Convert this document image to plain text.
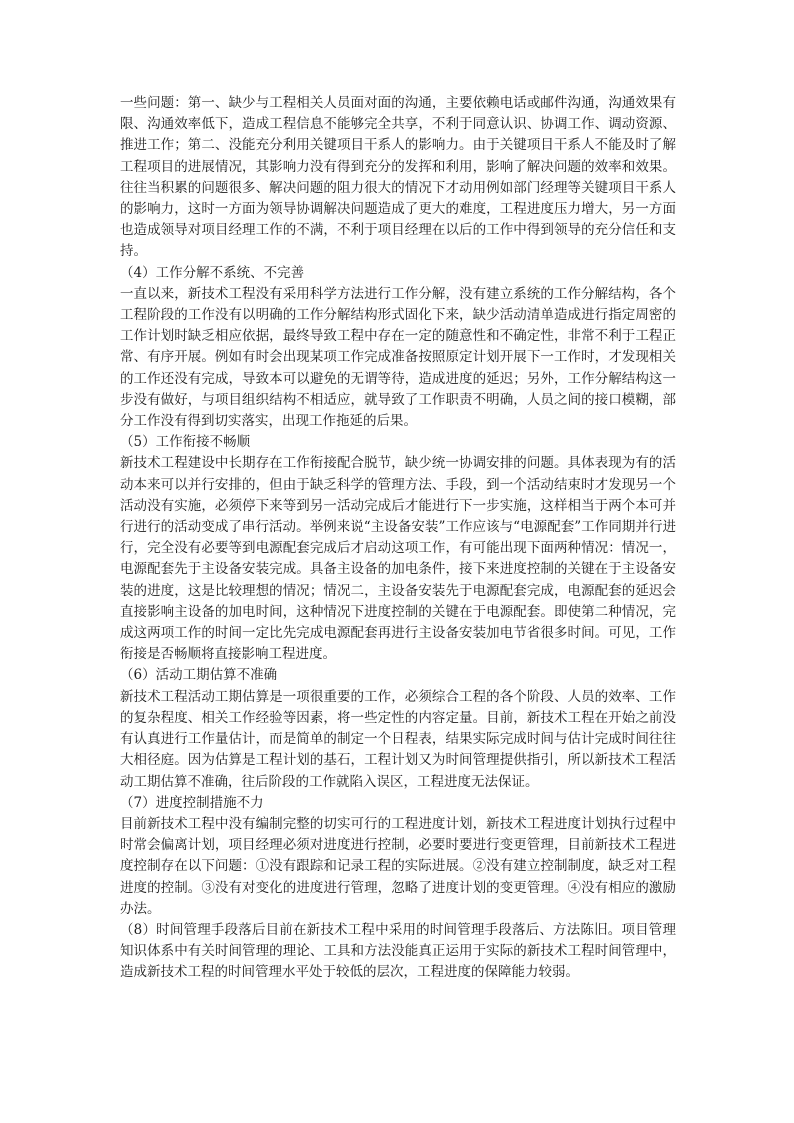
一些问题：第一、缺少与工程相关人员面对面的沟通，主要依赖电话或邮件沟通，沟通效果有限、沟通效率低下，造成工程信息不能够完全共享，不利于同意认识、协调工作、调动资源、推进工作；第二、没能充分利用关键项目干系人的影响力。由于关键项目干系人不能及时了解工程项目的进展情况，其影响力没有得到充分的发挥和利用，影响了解决问题的效率和效果。往往当积累的问题很多、解决问题的阻力很大的情况下才动用例如部门经理等关键项目干系人的影响力，这时一方面为领导协调解决问题造成了更大的难度，工程进度压力增大，另一方面也造成领导对项目经理工作的不满，不利于项目经理在以后的工作中得到领导的充分信任和支持。

（4）工作分解不系统、不完善

一直以来，新技术工程没有采用科学方法进行工作分解，没有建立系统的工作分解结构，各个工程阶段的工作没有以明确的工作分解结构形式固化下来，缺少活动清单造成进行指定周密的工作计划时缺乏相应依据，最终导致工程中存在一定的随意性和不确定性，非常不利于工程正常、有序开展。例如有时会出现某项工作完成准备按照原定计划开展下一工作时，才发现相关的工作还没有完成，导致本可以避免的无谓等待，造成进度的延迟；另外，工作分解结构这一步没有做好，与项目组织结构不相适应，就导致了工作职责不明确，人员之间的接口模糊，部分工作没有得到切实落实，出现工作拖延的后果。

（5）工作衔接不畅顺

新技术工程建设中长期存在工作衔接配合脱节，缺少统一协调安排的问题。具体表现为有的活动本来可以并行安排的，但由于缺乏科学的管理方法、手段，到一个活动结束时才发现另一个活动没有实施，必须停下来等到另一活动完成后才能进行下一步实施，这样相当于两个本可并行进行的活动变成了串行活动。举例来说“主设备安装”工作应该与“电源配套”工作同期并行进行，完全没有必要等到电源配套完成后才启动这项工作，有可能出现下面两种情况：情况一，电源配套先于主设备安装完成。具备主设备的加电条件，接下来进度控制的关键在于主设备安装的进度，这是比较理想的情况；情况二，主设备安装先于电源配套完成，电源配套的延迟会直接影响主设备的加电时间，这种情况下进度控制的关键在于电源配套。即使第二种情况，完成这两项工作的时间一定比先完成电源配套再进行主设备安装加电节省很多时间。可见，工作衔接是否畅顺将直接影响工程进度。

（6）活动工期估算不准确

新技术工程活动工期估算是一项很重要的工作，必须综合工程的各个阶段、人员的效率、工作的复杂程度、相关工作经验等因素，将一些定性的内容定量。目前，新技术工程在开始之前没有认真进行工作量估计，而是简单的制定一个日程表，结果实际完成时间与估计完成时间往往大相径庭。因为估算是工程计划的基石，工程计划又为时间管理提供指引，所以新技术工程活动工期估算不准确，往后阶段的工作就陷入误区，工程进度无法保证。

（7）进度控制措施不力

目前新技术工程中没有编制完整的切实可行的工程进度计划，新技术工程进度计划执行过程中时常会偏离计划，项目经理必须对进度进行控制，必要时要进行变更管理，目前新技术工程进度控制存在以下问题：①没有跟踪和记录工程的实际进展。②没有建立控制制度，缺乏对工程进度的控制。③没有对变化的进度进行管理，忽略了进度计划的变更管理。④没有相应的激励办法。

（8）时间管理手段落后目前在新技术工程中采用的时间管理手段落后、方法陈旧。项目管理知识体系中有关时间管理的理论、工具和方法没能真正运用于实际的新技术工程时间管理中，造成新技术工程的时间管理水平处于较低的层次，工程进度的保障能力较弱。
